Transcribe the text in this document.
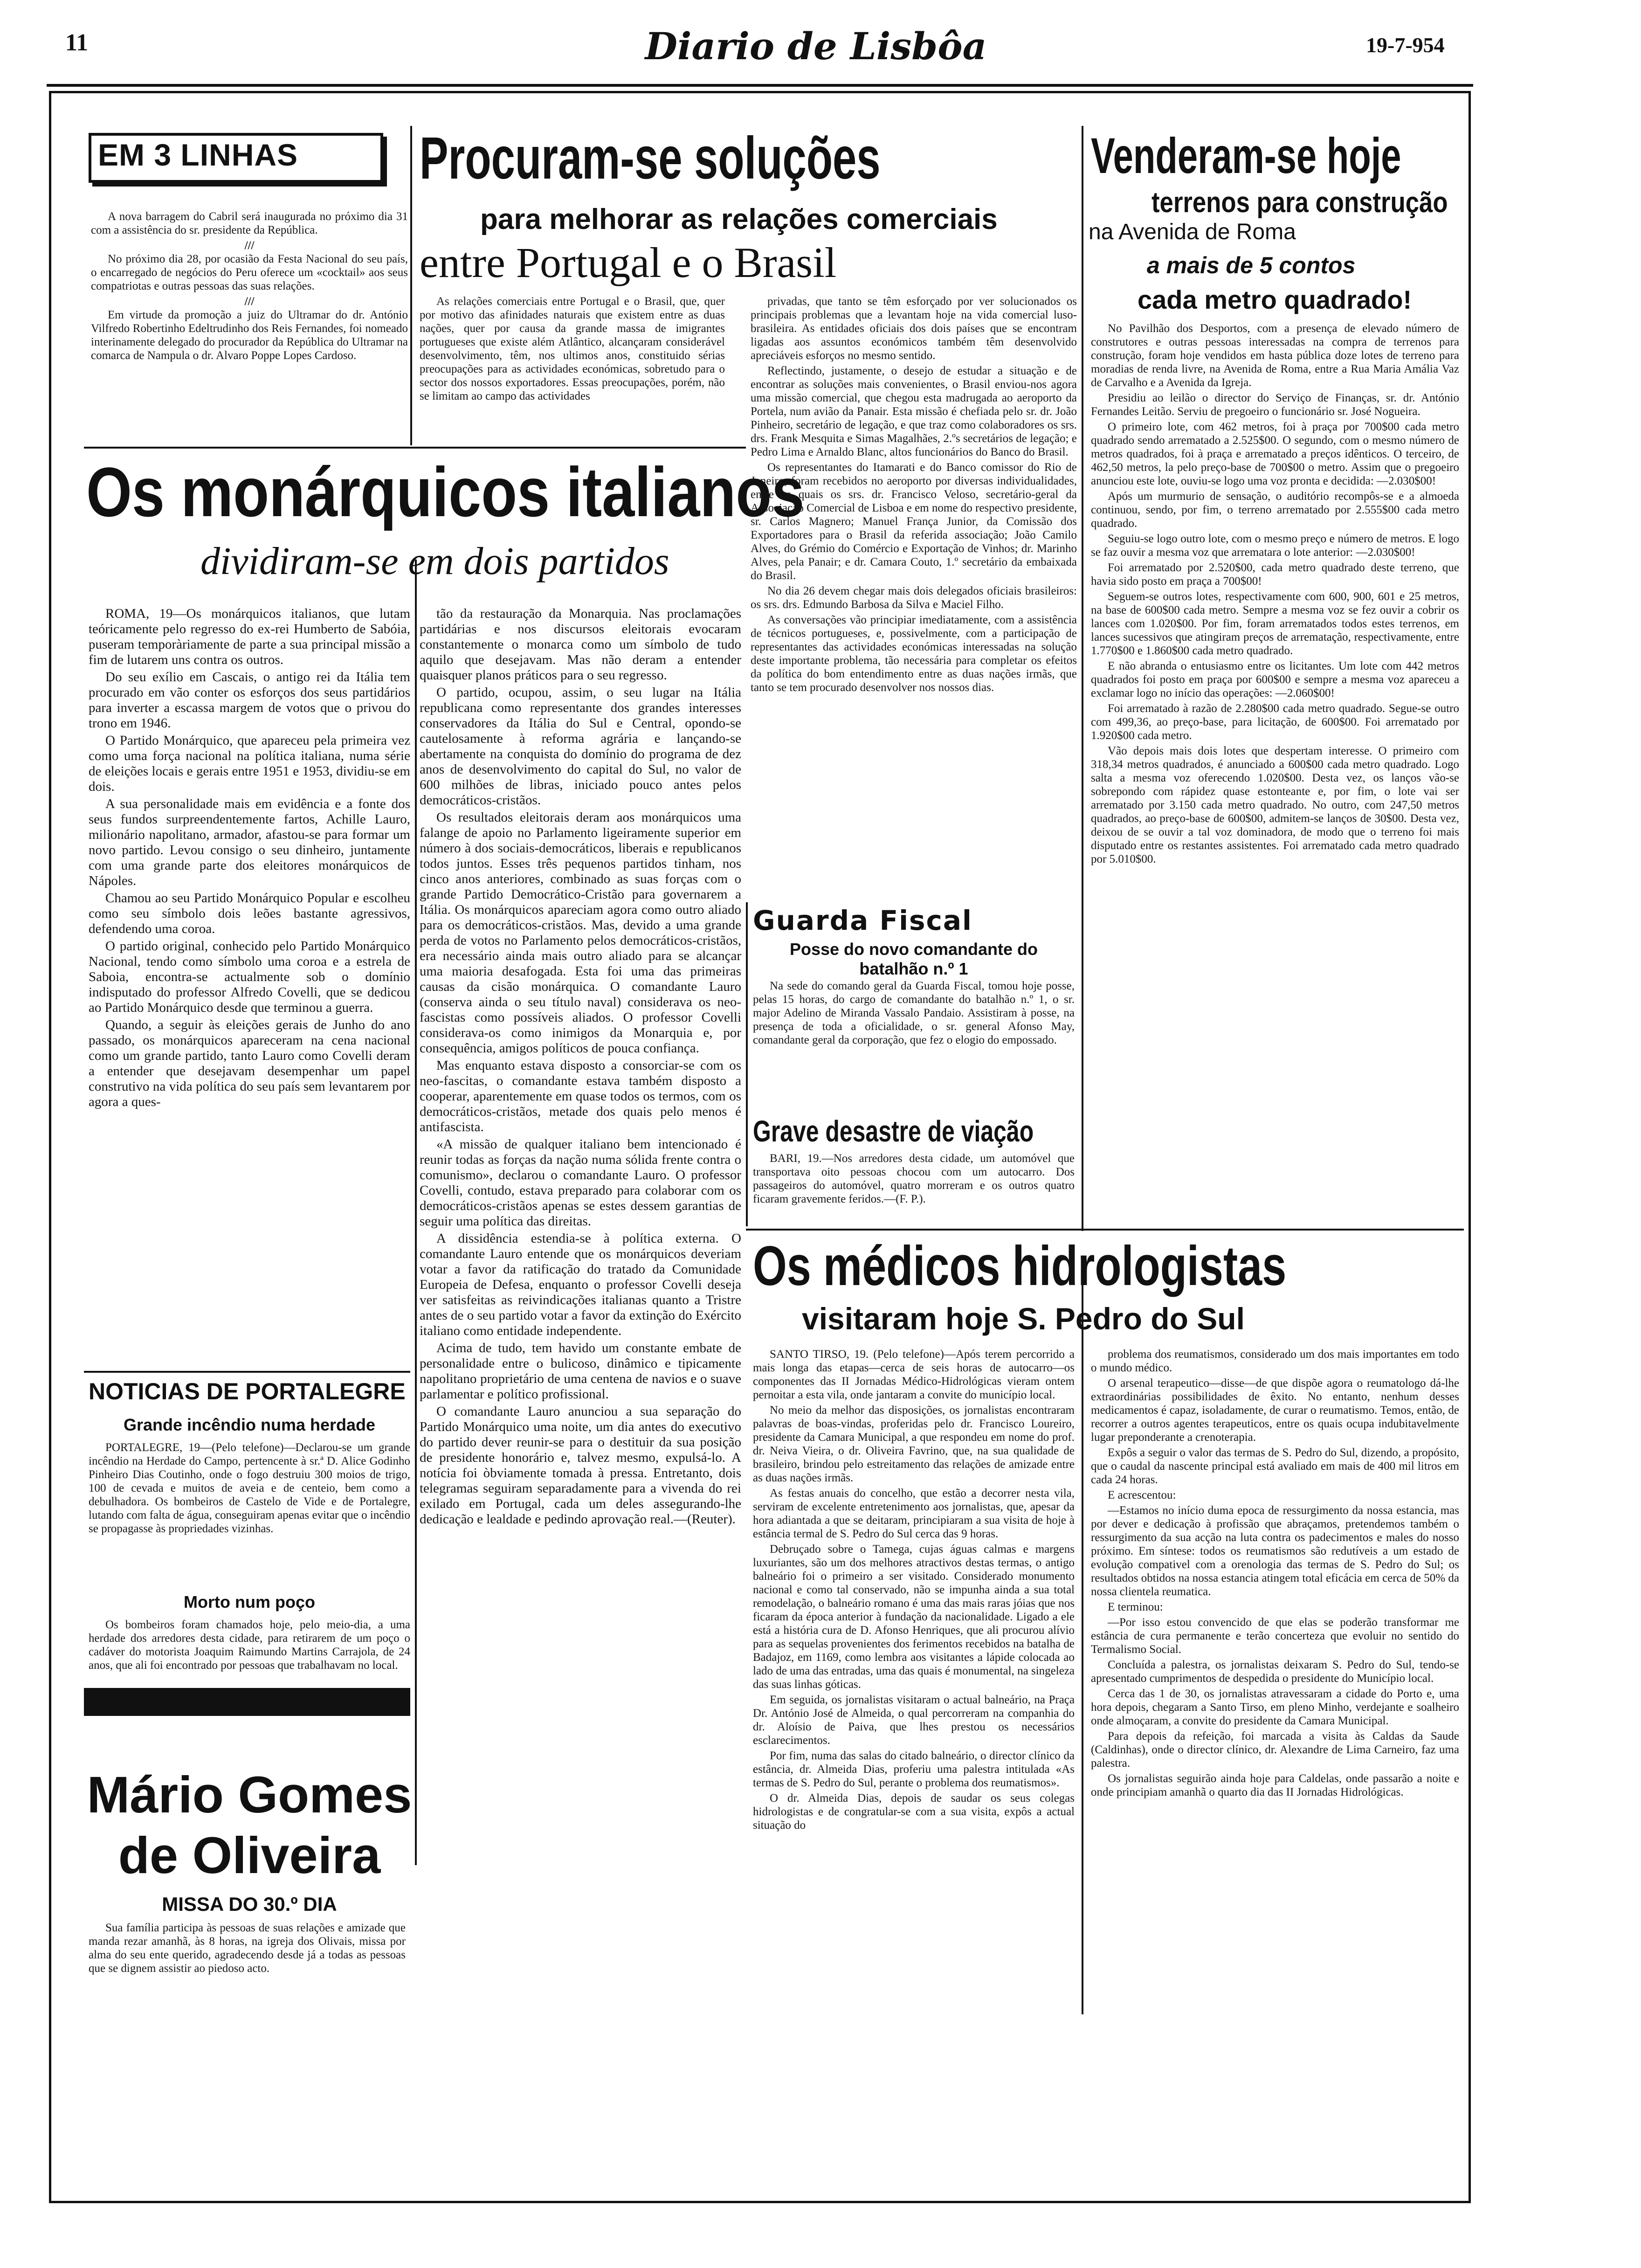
11	Diario de Lisbôa	19-7-954
EM 3 LINHAS

A nova barragem do Cabril será inaugurada no próximo dia 31 com a assistência do sr. presidente da República.

///

No próximo dia 28, por ocasião da Festa Nacional do seu país, o encarregado de negócios do Peru oferece um «cocktail» aos seus compatriotas e outras pessoas das suas relações.

///

Em virtude da promoção a juiz do Ultramar do dr. António Vilfredo Robertinho Edeltrudinho dos Reis Fernandes, foi nomeado interinamente delegado do procurador da República do Ultramar na comarca de Nampula o dr. Alvaro Poppe Lopes Cardoso.

Procuram-se soluções
para melhorar as relações comerciais
entre Portugal e o Brasil

As relações comerciais entre Portugal e o Brasil, que, quer por motivo das afinidades naturais que existem entre as duas nações, quer por causa da grande massa de imigrantes portugueses que existe além Atlântico, alcançaram considerável desenvolvimento, têm, nos ultimos anos, constituido sérias preocupações para as actividades económicas, sobretudo para o sector dos nossos exportadores. Essas preocupações, porém, não se limitam ao campo das actividades

privadas, que tanto se têm esforçado por ver solucionados os principais problemas que a levantam hoje na vida comercial luso-brasileira. As entidades oficiais dos dois países que se encontram ligadas aos assuntos económicos também têm desenvolvido apreciáveis esforços no mesmo sentido.

Reflectindo, justamente, o desejo de estudar a situação e de encontrar as soluções mais convenientes, o Brasil enviou-nos agora uma missão comercial, que chegou esta madrugada ao aeroporto da Portela, num avião da Panair. Esta missão é chefiada pelo sr. dr. João Pinheiro, secretário de legação, e que traz como colaboradores os srs. drs. Frank Mesquita e Simas Magalhães, 2.ºs secretários de legação; e Pedro Lima e Arnaldo Blanc, altos funcionários do Banco do Brasil.

Os representantes do Itamarati e do Banco comissor do Rio de Janeiro, foram recebidos no aeroporto por diversas individualidades, entre as quais os srs. dr. Francisco Veloso, secretário-geral da Associação Comercial de Lisboa e em nome do respectivo presidente, sr. Carlos Magnero; Manuel França Junior, da Comissão dos Exportadores para o Brasil da referida associação; João Camilo Alves, do Grémio do Comércio e Exportação de Vinhos; dr. Marinho Alves, pela Panair; e dr. Camara Couto, 1.º secretário da embaixada do Brasil.

No dia 26 devem chegar mais dois delegados oficiais brasileiros: os srs. drs. Edmundo Barbosa da Silva e Maciel Filho.

As conversações vão principiar imediatamente, com a assistência de técnicos portugueses, e, possivelmente, com a participação de representantes das actividades económicas interessadas na solução deste importante problema, tão necessária para completar os efeitos da política do bom entendimento entre as duas nações irmãs, que tanto se tem procurado desenvolver nos nossos dias.

Os monárquicos italianos
dividiram-se em dois partidos

ROMA, 19—Os monárquicos italianos, que lutam teóricamente pelo regresso do ex-rei Humberto de Sabóia, puseram temporàriamente de parte a sua principal missão a fim de lutarem uns contra os outros.

Do seu exílio em Cascais, o antigo rei da Itália tem procurado em vão conter os esforços dos seus partidários para inverter a escassa margem de votos que o privou do trono em 1946.

O Partido Monárquico, que apareceu pela primeira vez como uma força nacional na política italiana, numa série de eleições locais e gerais entre 1951 e 1953, dividiu-se em dois.

A sua personalidade mais em evidência e a fonte dos seus fundos surpreendentemente fartos, Achille Lauro, milionário napolitano, armador, afastou-se para formar um novo partido. Levou consigo o seu dinheiro, juntamente com uma grande parte dos eleitores monárquicos de Nápoles.

Chamou ao seu Partido Monárquico Popular e escolheu como seu símbolo dois leões bastante agressivos, defendendo uma coroa.

O partido original, conhecido pelo Partido Monárquico Nacional, tendo como símbolo uma coroa e a estrela de Saboia, encontra-se actualmente sob o domínio indisputado do professor Alfredo Covelli, que se dedicou ao Partido Monárquico desde que terminou a guerra.

Quando, a seguir às eleições gerais de Junho do ano passado, os monárquicos apareceram na cena nacional como um grande partido, tanto Lauro como Covelli deram a entender que desejavam desempenhar um papel construtivo na vida política do seu país sem levantarem por agora a ques-

tão da restauração da Monarquia. Nas proclamações partidárias e nos discursos eleitorais evocaram constantemente o monarca como um símbolo de tudo aquilo que desejavam. Mas não deram a entender quaisquer planos práticos para o seu regresso.

O partido, ocupou, assim, o seu lugar na Itália republicana como representante dos grandes interesses conservadores da Itália do Sul e Central, opondo-se cautelosamente à reforma agrária e lançando-se abertamente na conquista do domínio do programa de dez anos de desenvolvimento do capital do Sul, no valor de 600 milhões de libras, iniciado pouco antes pelos democráticos-cristãos.

Os resultados eleitorais deram aos monárquicos uma falange de apoio no Parlamento ligeiramente superior em número à dos sociais-democráticos, liberais e republicanos todos juntos. Esses três pequenos partidos tinham, nos cinco anos anteriores, combinado as suas forças com o grande Partido Democrático-Cristão para governarem a Itália. Os monárquicos apareciam agora como outro aliado para os democráticos-cristãos. Mas, devido a uma grande perda de votos no Parlamento pelos democráticos-cristãos, era necessário ainda mais outro aliado para se alcançar uma maioria desafogada. Esta foi uma das primeiras causas da cisão monárquica. O comandante Lauro (conserva ainda o seu título naval) considerava os neo-fascistas como possíveis aliados. O professor Covelli considerava-os como inimigos da Monarquia e, por consequência, amigos políticos de pouca confiança.

Mas enquanto estava disposto a consorciar-se com os neo-fascitas, o comandante estava também disposto a cooperar, aparentemente em quase todos os termos, com os democráticos-cristãos, metade dos quais pelo menos é antifascista.

«A missão de qualquer italiano bem intencionado é reunir todas as forças da nação numa sólida frente contra o comunismo», declarou o comandante Lauro. O professor Covelli, contudo, estava preparado para colaborar com os democráticos-cristãos apenas se estes dessem garantias de seguir uma política das direitas.

A dissidência estendia-se à política externa. O comandante Lauro entende que os monárquicos deveriam votar a favor da ratificação do tratado da Comunidade Europeia de Defesa, enquanto o professor Covelli deseja ver satisfeitas as reivindicações italianas quanto a Tristre antes de o seu partido votar a favor da extinção do Exército italiano como entidade independente.

Acima de tudo, tem havido um constante embate de personalidade entre o bulicoso, dinâmico e tipicamente napolitano proprietário de uma centena de navios e o suave parlamentar e político profissional.

O comandante Lauro anunciou a sua separação do Partido Monárquico uma noite, um dia antes do executivo do partido dever reunir-se para o destituir da sua posição de presidente honorário e, talvez mesmo, expulsá-lo. A notícia foi òbviamente tomada à pressa. Entretanto, dois telegramas seguiram separadamente para a vivenda do rei exilado em Portugal, cada um deles assegurando-lhe dedicação e lealdade e pedindo aprovação real.—(Reuter).

NOTICIAS DE PORTALEGRE
Grande incêndio numa herdade

PORTALEGRE, 19—(Pelo telefone)—Declarou-se um grande incêndio na Herdade do Campo, pertencente à sr.ª D. Alice Godinho Pinheiro Dias Coutinho, onde o fogo destruiu 300 moios de trigo, 100 de cevada e muitos de aveia e de centeio, bem como a debulhadora. Os bombeiros de Castelo de Vide e de Portalegre, lutando com falta de água, conseguiram apenas evitar que o incêndio se propagasse às propriedades vizinhas.

Morto num poço

Os bombeiros foram chamados hoje, pelo meio-dia, a uma herdade dos arredores desta cidade, para retirarem de um poço o cadáver do motorista Joaquim Raimundo Martins Carrajola, de 24 anos, que ali foi encontrado por pessoas que trabalhavam no local.

Mário Gomes
de Oliveira
MISSA DO 30.º DIA

Sua família participa às pessoas de suas relações e amizade que manda rezar amanhã, às 8 horas, na igreja dos Olivais, missa por alma do seu ente querido, agradecendo desde já a todas as pessoas que se dignem assistir ao piedoso acto.

Venderam-se hoje
terrenos para construção
na Avenida de Roma
a mais de 5 contos
cada metro quadrado!

No Pavilhão dos Desportos, com a presença de elevado número de construtores e outras pessoas interessadas na compra de terrenos para construção, foram hoje vendidos em hasta pública doze lotes de terreno para moradias de renda livre, na Avenida de Roma, entre a Rua Maria Amália Vaz de Carvalho e a Avenida da Igreja.

Presidiu ao leilão o director do Serviço de Finanças, sr. dr. António Fernandes Leitão. Serviu de pregoeiro o funcionário sr. José Nogueira.

O primeiro lote, com 462 metros, foi à praça por 700$00 cada metro quadrado sendo arrematado a 2.525$00. O segundo, com o mesmo número de metros quadrados, foi à praça e arrematado a preços idênticos. O terceiro, de 462,50 metros, la pelo preço-base de 700$00 o metro. Assim que o pregoeiro anunciou este lote, ouviu-se logo uma voz pronta e decidida: —2.030$00!

Após um murmurio de sensação, o auditório recompôs-se e a almoeda continuou, sendo, por fim, o terreno arrematado por 2.555$00 cada metro quadrado.

Seguiu-se logo outro lote, com o mesmo preço e número de metros. E logo se faz ouvir a mesma voz que arrematara o lote anterior: —2.030$00!

Foi arrematado por 2.520$00, cada metro quadrado deste terreno, que havia sido posto em praça a 700$00!

Seguem-se outros lotes, respectivamente com 600, 900, 601 e 25 metros, na base de 600$00 cada metro. Sempre a mesma voz se fez ouvir a cobrir os lances com 1.020$00. Por fim, foram arrematados todos estes terrenos, em lances sucessivos que atingiram preços de arrematação, respectivamente, entre 1.770$00 e 1.860$00 cada metro quadrado.

E não abranda o entusiasmo entre os licitantes. Um lote com 442 metros quadrados foi posto em praça por 600$00 e sempre a mesma voz apareceu a exclamar logo no início das operações: —2.060$00!

Foi arrematado à razão de 2.280$00 cada metro quadrado. Segue-se outro com 499,36, ao preço-base, para licitação, de 600$00. Foi arrematado por 1.920$00 cada metro.

Vão depois mais dois lotes que despertam interesse. O primeiro com 318,34 metros quadrados, é anunciado a 600$00 cada metro quadrado. Logo salta a mesma voz oferecendo 1.020$00. Desta vez, os lanços vão-se sobrepondo com rápidez quase estonteante e, por fim, o lote vai ser arrematado por 3.150 cada metro quadrado. No outro, com 247,50 metros quadrados, ao preço-base de 600$00, admitem-se lanços de 30$00. Desta vez, deixou de se ouvir a tal voz dominadora, de modo que o terreno foi mais disputado entre os restantes assistentes. Foi arrematado cada metro quadrado por 5.010$00.

Guarda Fiscal
Posse do novo comandante do batalhão n.º 1

Na sede do comando geral da Guarda Fiscal, tomou hoje posse, pelas 15 horas, do cargo de comandante do batalhão n.º 1, o sr. major Adelino de Miranda Vassalo Pandaio. Assistiram à posse, na presença de toda a oficialidade, o sr. general Afonso May, comandante geral da corporação, que fez o elogio do empossado.

Grave desastre de viação

BARI, 19.—Nos arredores desta cidade, um automóvel que transportava oito pessoas chocou com um autocarro. Dos passageiros do automóvel, quatro morreram e os outros quatro ficaram gravemente feridos.—(F. P.).

Os médicos hidrologistas
visitaram hoje S. Pedro do Sul

SANTO TIRSO, 19. (Pelo telefone)—Após terem percorrido a mais longa das etapas—cerca de seis horas de autocarro—os componentes das II Jornadas Médico-Hidrológicas vieram ontem pernoitar a esta vila, onde jantaram a convite do município local.

No meio da melhor das disposições, os jornalistas encontraram palavras de boas-vindas, proferidas pelo dr. Francisco Loureiro, presidente da Camara Municipal, a que respondeu em nome do prof. dr. Neiva Vieira, o dr. Oliveira Favrino, que, na sua qualidade de brasileiro, brindou pelo estreitamento das relações de amizade entre as duas nações irmãs.

As festas anuais do concelho, que estão a decorrer nesta vila, serviram de excelente entretenimento aos jornalistas, que, apesar da hora adiantada a que se deitaram, principiaram a sua visita de hoje à estância termal de S. Pedro do Sul cerca das 9 horas.

Debruçado sobre o Tamega, cujas águas calmas e margens luxuriantes, são um dos melhores atractivos destas termas, o antigo balneário foi o primeiro a ser visitado. Considerado monumento nacional e como tal conservado, não se impunha ainda a sua total remodelação, o balneário romano é uma das mais raras jóias que nos ficaram da época anterior à fundação da nacionalidade. Ligado a ele está a história cura de D. Afonso Henriques, que ali procurou alívio para as sequelas provenientes dos ferimentos recebidos na batalha de Badajoz, em 1169, como lembra aos visitantes a lápide colocada ao lado de uma das entradas, uma das quais é monumental, na singeleza das suas linhas góticas.

Em seguida, os jornalistas visitaram o actual balneário, na Praça Dr. António José de Almeida, o qual percorreram na companhia do dr. Aloísio de Paiva, que lhes prestou os necessários esclarecimentos.

Por fim, numa das salas do citado balneário, o director clínico da estância, dr. Almeida Dias, proferiu uma palestra intitulada «As termas de S. Pedro do Sul, perante o problema dos reumatismos».

O dr. Almeida Dias, depois de saudar os seus colegas hidrologistas e de congratular-se com a sua visita, expôs a actual situação do

problema dos reumatismos, considerado um dos mais importantes em todo o mundo médico.

O arsenal terapeutico—disse—de que dispõe agora o reumatologo dá-lhe extraordinárias possibilidades de êxito. No entanto, nenhum desses medicamentos é capaz, isoladamente, de curar o reumatismo. Temos, então, de recorrer a outros agentes terapeuticos, entre os quais ocupa indubitavelmente lugar preponderante a crenoterapia.

Expôs a seguir o valor das termas de S. Pedro do Sul, dizendo, a propósito, que o caudal da nascente principal está avaliado em mais de 400 mil litros em cada 24 horas.

E acrescentou:

—Estamos no início duma epoca de ressurgimento da nossa estancia, mas por dever e dedicação à profissão que abraçamos, pretendemos também o ressurgimento da sua acção na luta contra os padecimentos e males do nosso próximo. Em síntese: todos os reumatismos são redutíveis a um estado de evolução compativel com a orenologia das termas de S. Pedro do Sul; os resultados obtidos na nossa estancia atingem total eficácia em cerca de 50% da nossa clientela reumatica.

E terminou:

—Por isso estou convencido de que elas se poderão transformar me estância de cura permanente e terão concerteza que evoluir no sentido do Termalismo Social.

Concluída a palestra, os jornalistas deixaram S. Pedro do Sul, tendo-se apresentado cumprimentos de despedida o presidente do Município local.

Cerca das 1 de 30, os jornalistas atravessaram a cidade do Porto e, uma hora depois, chegaram a Santo Tirso, em pleno Minho, verdejante e soalheiro onde almoçaram, a convite do presidente da Camara Municipal.

Para depois da refeição, foi marcada a visita às Caldas da Saude (Caldinhas), onde o director clínico, dr. Alexandre de Lima Carneiro, faz uma palestra.

Os jornalistas seguirão ainda hoje para Caldelas, onde passarão a noite e onde principiam amanhã o quarto dia das II Jornadas Hidrológicas.
